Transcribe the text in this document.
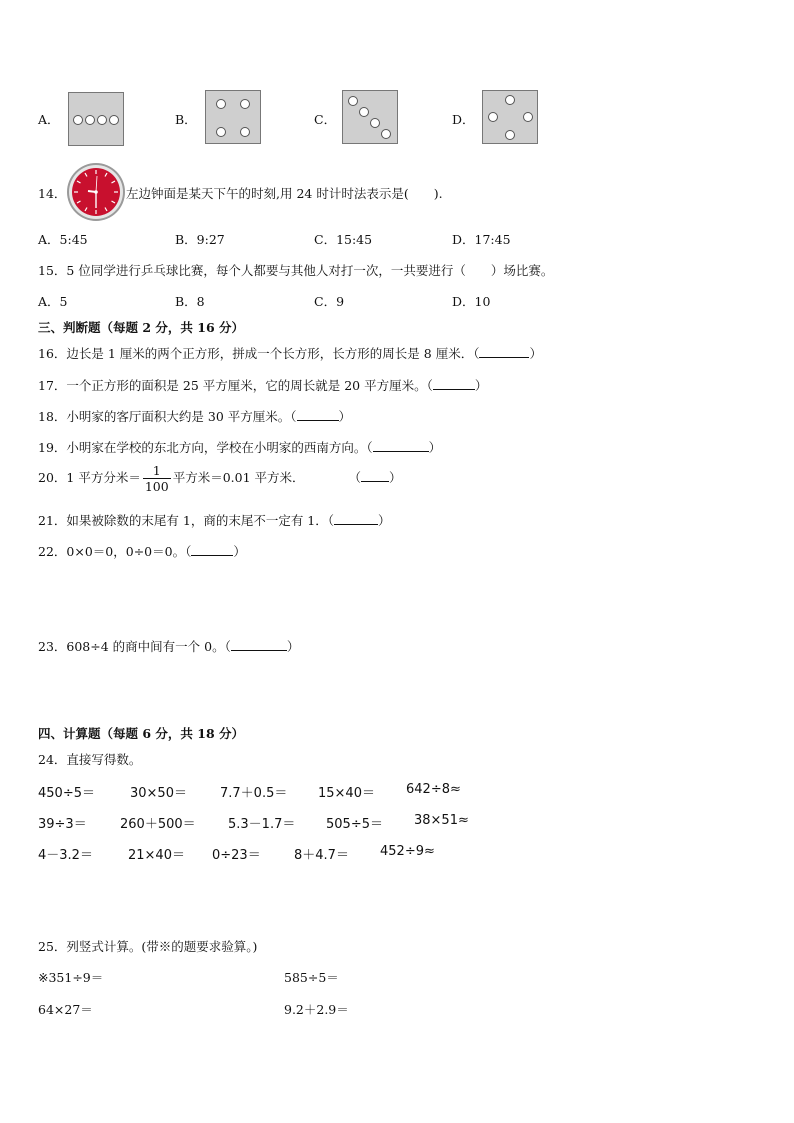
A．	B．	C．	D．
14．	左边钟面是某天下午的时刻,用 24 时计时法表示是(　　).
A．5:45	B．9:27	C．15:45	D．17:45
15．5 位同学进行乒乓球比赛，每个人都要与其他人对打一次，一共要进行（　　）场比赛。
A．5	B．8	C．9	D．10
三、判断题（每题 2 分，共 16 分）
16．边长是 1 厘米的两个正方形，拼成一个长方形，长方形的周长是 8 厘米．（	）
17．一个正方形的面积是 25 平方厘米，它的周长就是 20 平方厘米。（	）
18．小明家的客厅面积大约是 30 平方厘米。（	）
19．小明家在学校的东北方向，学校在小明家的西南方向。（	）
20．1 平方分米＝ $\frac{1}{100}$ 平方米＝0.01 平方米．	（ ）
21．如果被除数的末尾有 1，商的末尾不一定有 1．（	）
22．0×0＝0，0÷0＝0。（	）
23．608÷4 的商中间有一个 0。（	）
四、计算题（每题 6 分，共 18 分）
24．直接写得数。
450÷5＝	30×50＝	7.7＋0.5＝ 15×40＝ 642÷8≈
39÷3＝	260＋500＝ 5.3－1.7＝ 505÷5＝ 38×51≈
4－3.2＝	21×40＝ 0÷23＝	8＋4.7＝ 452÷9≈
25．列竖式计算。(带※的题要求验算。)
※351÷9＝	585÷5＝
64×27＝	9.2＋2.9＝
